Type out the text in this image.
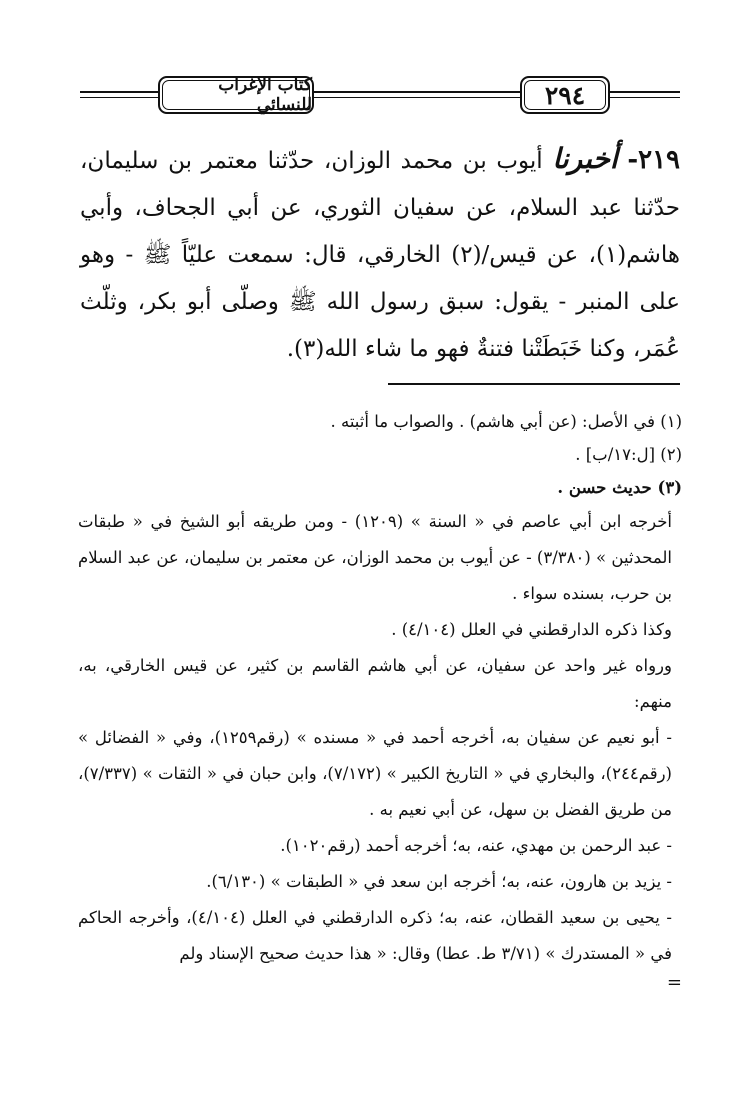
كتاب الإغراب للنسائي	٢٩٤
٢١٩- أخبرنا أيوب بن محمد الوزان، حدّثنا معتمر بن سليمان، حدّثنا عبد السلام، عن سفيان الثوري، عن أبي الجحاف، وأبي هاشم(١)، عن قيس/(٢) الخارقي، قال: سمعت عليّاً ﷺ - وهو على المنبر - يقول: سبق رسول الله ﷺ وصلّى أبو بكر، وثلّث عُمَر، وكنا خَبَطَتْنا فتنةٌ فهو ما شاء الله(٣).

(١) في الأصل: (عن أبي هاشم) . والصواب ما أثبته .

(٢) [ل:١٧/ب] .

(٣) حديث حسن .

أخرجه ابن أبي عاصم في « السنة » (١٢٠٩) - ومن طريقه أبو الشيخ في « طبقات المحدثين » (٣/٣٨٠) - عن أيوب بن محمد الوزان، عن معتمر بن سليمان، عن عبد السلام بن حرب، بسنده سواء .

وكذا ذكره الدارقطني في العلل (٤/١٠٤) .

ورواه غير واحد عن سفيان، عن أبي هاشم القاسم بن كثير، عن قيس الخارقي، به، منهم:

- أبو نعيم عن سفيان به، أخرجه أحمد في « مسنده » (رقم١٢٥٩)، وفي « الفضائل » (رقم٢٤٤)، والبخاري في « التاريخ الكبير » (٧/١٧٢)، وابن حبان في « الثقات » (٧/٣٣٧)، من طريق الفضل بن سهل، عن أبي نعيم به .

- عبد الرحمن بن مهدي، عنه، به؛ أخرجه أحمد (رقم١٠٢٠).

- يزيد بن هارون، عنه، به؛ أخرجه ابن سعد في « الطبقات » (٦/١٣٠).

- يحيى بن سعيد القطان، عنه، به؛ ذكره الدارقطني في العلل (٤/١٠٤)، وأخرجه الحاكم في « المستدرك » (٣/٧١ ط. عطا) وقال: « هذا حديث صحيح الإسناد ولم

=
